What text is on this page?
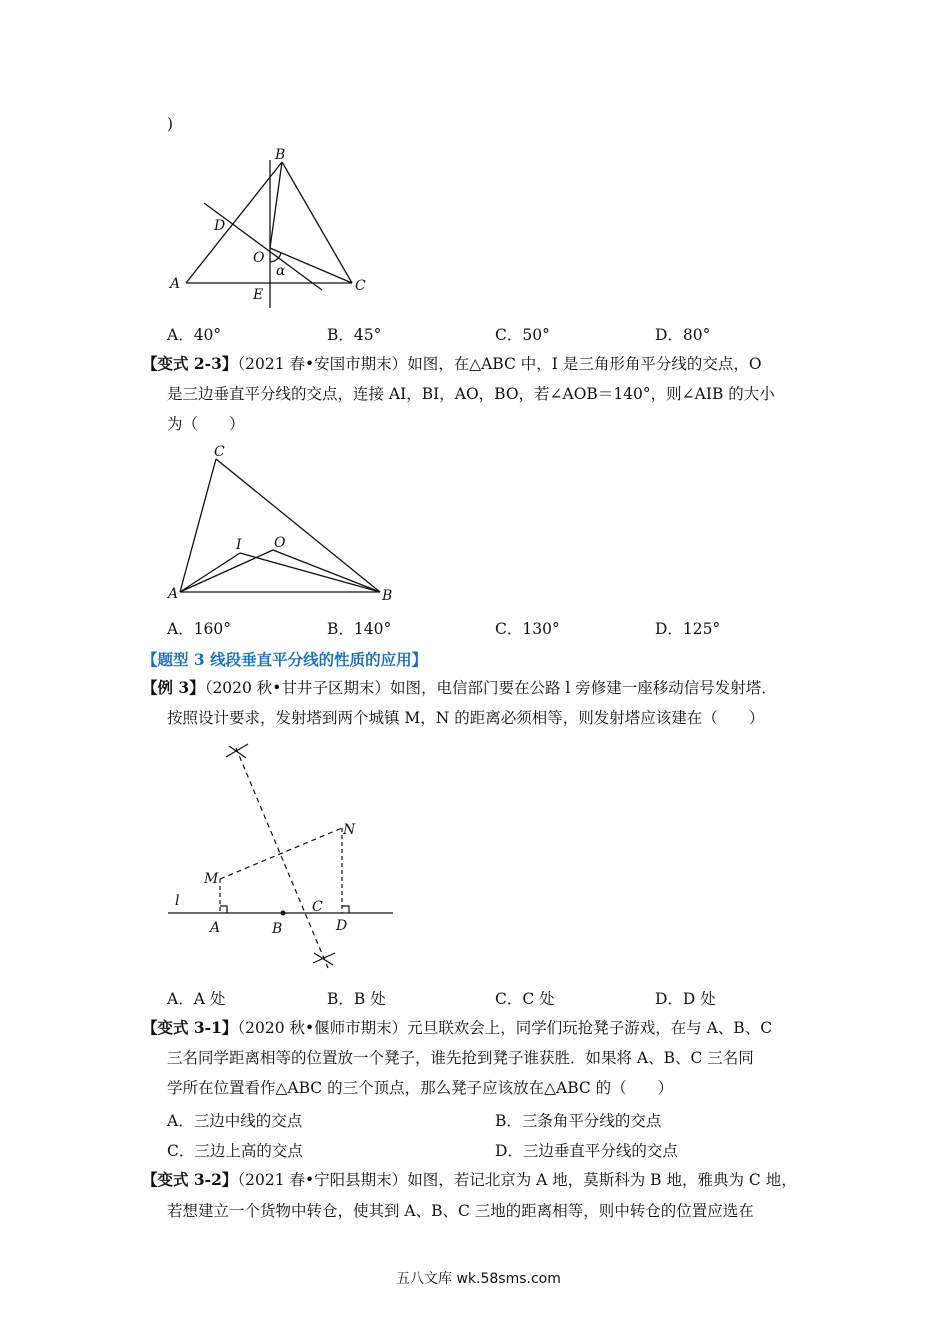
)
B
D
O
α
A
E
C
A．40°	B．45°	C．50°	D．80°
【变式 2-3】（2021 春•安国市期末）如图，在△ABC 中，I 是三角形角平分线的交点，O
是三边垂直平分线的交点，连接 AI，BI，AO，BO，若∠AOB＝140°，则∠AIB 的大小
为（　　）
C
I O
A	B
A．160°	B．140°	C．130°	D．125°
【题型 3 线段垂直平分线的性质的应用】
【例 3】（2020 秋•甘井子区期末）如图，电信部门要在公路 l 旁修建一座移动信号发射塔．
按照设计要求，发射塔到两个城镇 M，N 的距离必须相等，则发射塔应该建在（　　）
N
M
l	C
A	B	D
A．A 处	B．B 处	C．C 处	D．D 处
【变式 3-1】（2020 秋•偃师市期末）元旦联欢会上，同学们玩抢凳子游戏，在与 A、B、C
三名同学距离相等的位置放一个凳子，谁先抢到凳子谁获胜．如果将 A、B、C 三名同
学所在位置看作△ABC 的三个顶点，那么凳子应该放在△ABC 的（　　）
A．三边中线的交点	B．三条角平分线的交点
C．三边上高的交点	D．三边垂直平分线的交点
【变式 3-2】（2021 春•宁阳县期末）如图，若记北京为 A 地，莫斯科为 B 地，雅典为 C 地，
若想建立一个货物中转仓，使其到 A、B、C 三地的距离相等，则中转仓的位置应选在
五八文库 wk.58sms.com
